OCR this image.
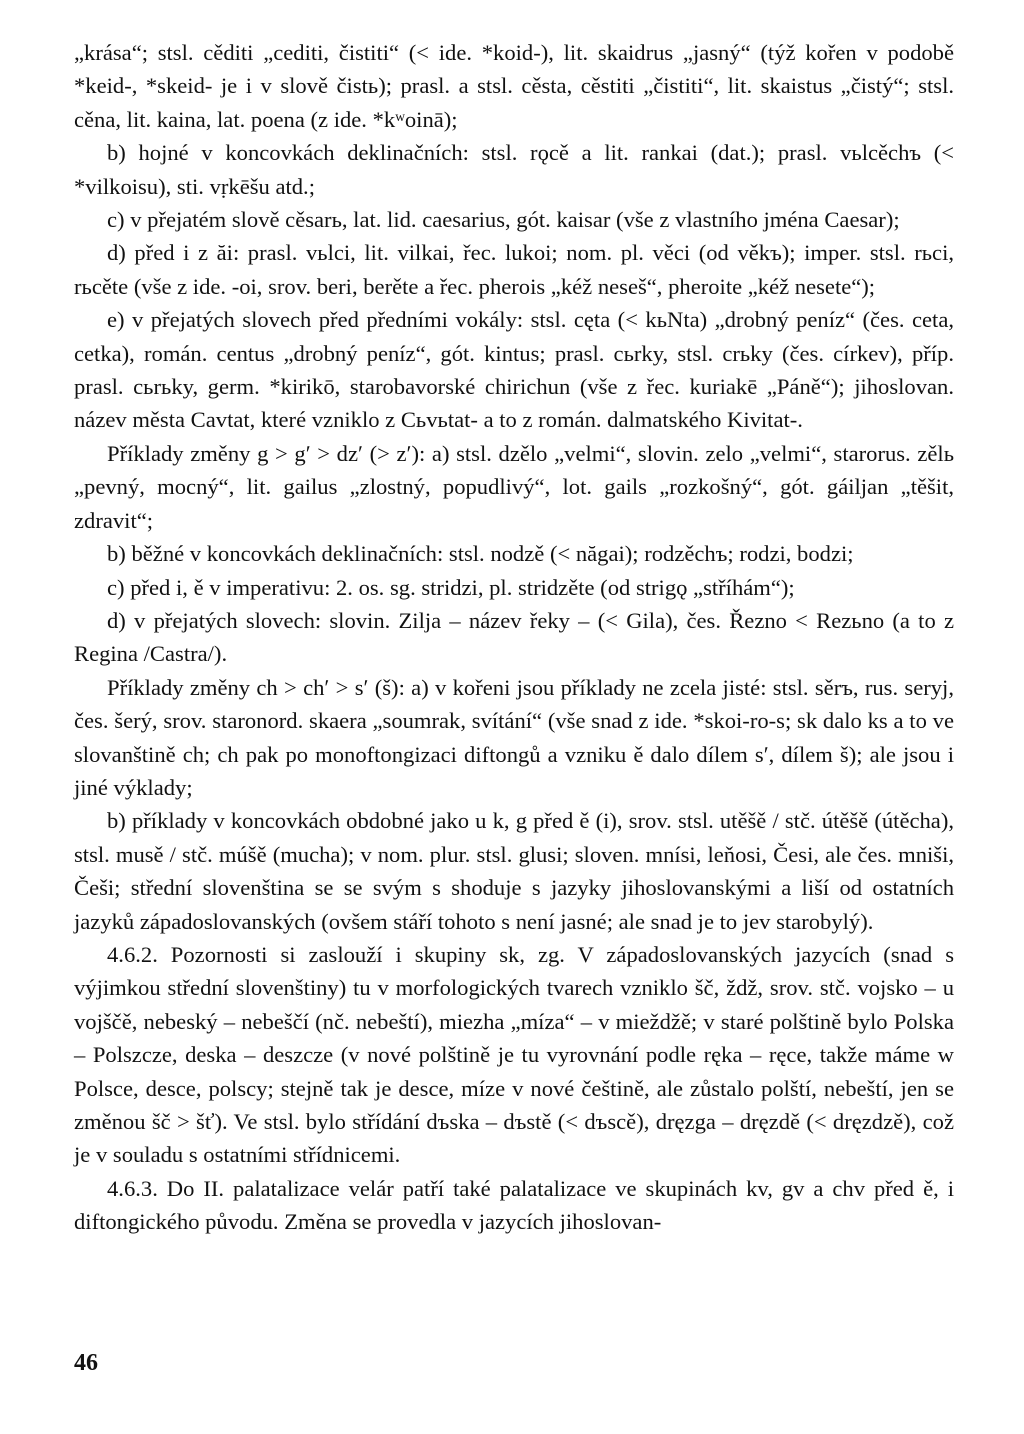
„krása“; stsl. cěditi „cediti, čistiti“ (< ide. *koid-), lit. skaidrus „jasný“ (týž kořen v podobě *keid-, *skeid- je i v slově čistь); prasl. a stsl. cěsta, cěstiti „čistiti“, lit. skaistus „čistý“; stsl. cěna, lit. kaina, lat. poena (z ide. *kʷoinā);

b) hojné v koncovkách deklinačních: stsl. rǫcě a lit. rankai (dat.); prasl. vьlcěchъ (< *vilkoisu), sti. vṛkēšu atd.;

c) v přejatém slově cěsarь, lat. lid. caesarius, gót. kaisar (vše z vlastního jména Caesar);

d) před i z ăi: prasl. vьlci, lit. vilkai, řec. lukoi; nom. pl. věci (od věkъ); imper. stsl. rьci, rьcěte (vše z ide. -oi, srov. beri, berěte a řec. pherois „kéž neseš“, pheroite „kéž nesete“);

e) v přejatých slovech před předními vokály: stsl. cęta (< kьNta) „drobný peníz“ (čes. ceta, cetka), román. centus „drobný peníz“, gót. kintus; prasl. cьrky, stsl. crьky (čes. církev), příp. prasl. cьrьky, germ. *kirikō, starobavorské chirichun (vše z řec. kuriakē „Páně“); jihoslovan. název města Cavtat, které vzniklo z Cьvьtat- a to z román. dalmatského Kivitat-.

Příklady změny g > gʹ > dzʹ (> zʹ): a) stsl. dzělo „velmi“, slovin. zelo „velmi“, starorus. zělь „pevný, mocný“, lit. gailus „zlostný, popudlivý“, lot. gails „rozkošný“, gót. gáiljan „těšit, zdravit“;

b) běžné v koncovkách deklinačních: stsl. nodzě (< năgai); rodzěchъ; rodzi, bodzi;

c) před i, ě v imperativu: 2. os. sg. stridzi, pl. stridzěte (od strigǫ „stříhám“);

d) v přejatých slovech: slovin. Zilja – název řeky – (< Gila), čes. Řezno < Rezьno (a to z Regina /Castra/).

Příklady změny ch > chʹ > sʹ (š): a) v kořeni jsou příklady ne zcela jisté: stsl. sěrъ, rus. seryj, čes. šerý, srov. staronord. skaera „soumrak, svítání“ (vše snad z ide. *skoi-ro-s; sk dalo ks a to ve slovanštině ch; ch pak po monoftongizaci diftongů a vzniku ě dalo dílem sʹ, dílem š); ale jsou i jiné výklady;

b) příklady v koncovkách obdobné jako u k, g před ě (i), srov. stsl. utěšě / stč. útěšě (útěcha), stsl. musě / stč. múšě (mucha); v nom. plur. stsl. glusi; sloven. mnísi, leňosi, Česi, ale čes. mniši, Češi; střední slovenština se se svým s shoduje s jazyky jihoslovanskými a liší od ostatních jazyků západoslovanských (ovšem stáří tohoto s není jasné; ale snad je to jev starobylý).

4.6.2. Pozornosti si zaslouží i skupiny sk, zg. V západoslovanských jazycích (snad s výjimkou střední slovenštiny) tu v morfologických tvarech vzniklo šč, ždž, srov. stč. vojsko – u vojščě, nebeský – nebeščí (nč. nebeští), miezha „míza“ – v mieždžě; v staré polštině bylo Polska – Polszcze, deska – deszcze (v nové polštině je tu vyrovnání podle ręka – ręce, takže máme w Polsce, desce, polscy; stejně tak je desce, míze v nové češtině, ale zůstalo polští, nebeští, jen se změnou šč > šť). Ve stsl. bylo střídání dъska – dъstě (< dъscě), dręzga – dręzdě (< dręzdzě), což je v souladu s ostatními střídnicemi.

4.6.3. Do II. palatalizace velár patří také palatalizace ve skupinách kv, gv a chv před ě, i diftongického původu. Změna se provedla v jazycích jihoslovan-

46
